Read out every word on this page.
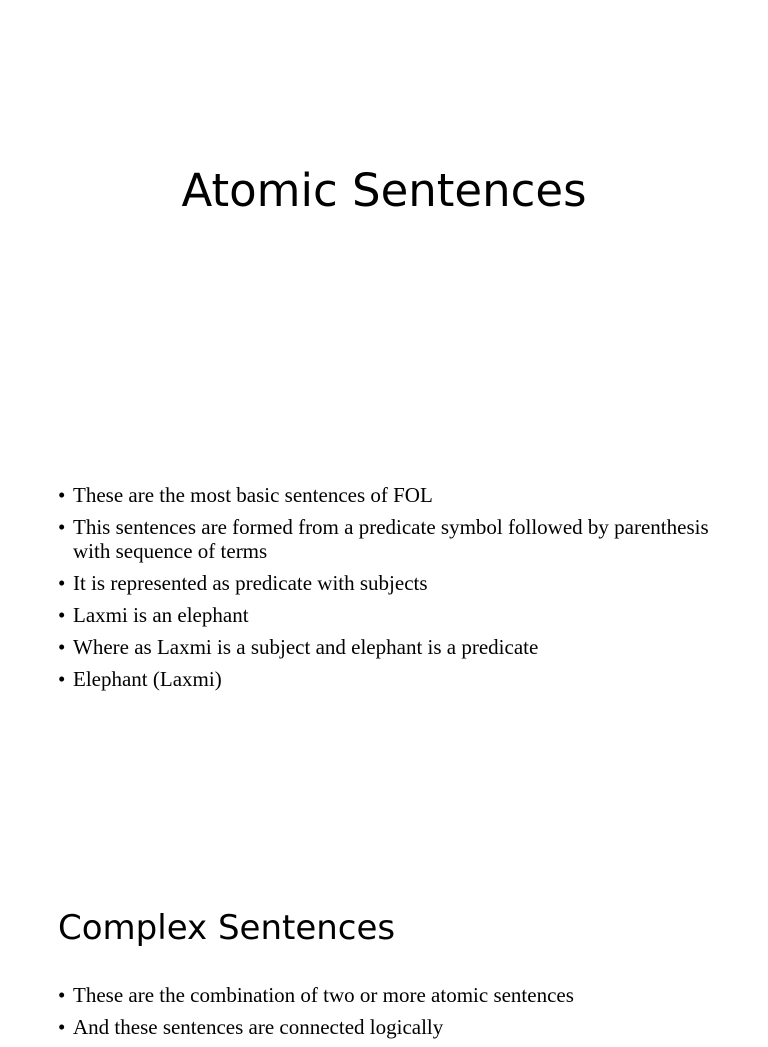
Atomic Sentences
• These are the most basic sentences of FOL
• This sentences are formed from a predicate symbol followed by parenthesis with sequence of terms
• It is represented as predicate with subjects
• Laxmi is an elephant
• Where as Laxmi is a subject and elephant is a predicate
• Elephant (Laxmi)
Complex Sentences
• These are the combination of two or more atomic sentences
• And these sentences are connected logically
